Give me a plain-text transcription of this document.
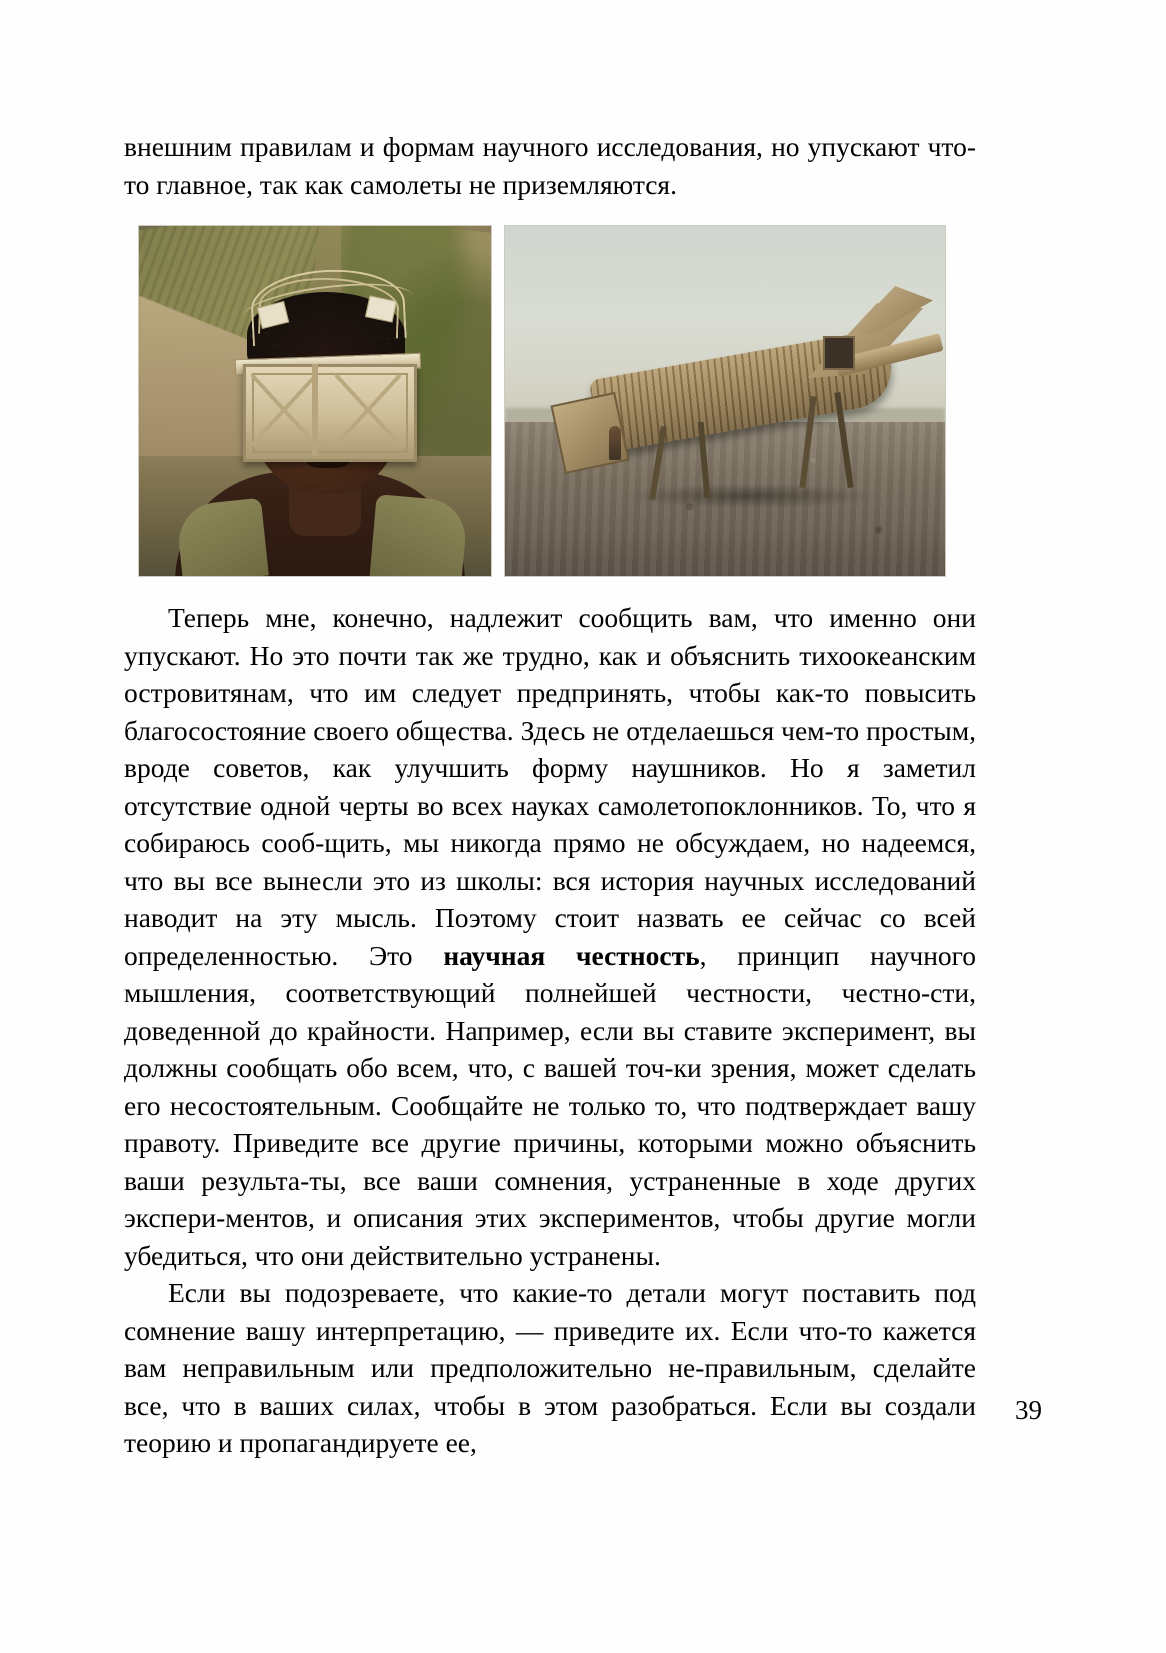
внешним правилам и формам научного исследования, но упускают что-то главное, так как самолеты не приземляются.

Теперь мне, конечно, надлежит сообщить вам, что именно они упускают. Но это почти так же трудно, как и объяснить тихоокеанским островитянам, что им следует предпринять, чтобы как-то повысить благосостояние своего общества. Здесь не отделаешься чем-то простым, вроде советов, как улучшить форму наушников. Но я заметил отсутствие одной черты во всех науках самолетопоклонников. То, что я собираюсь сооб-щить, мы никогда прямо не обсуждаем, но надеемся, что вы все вынесли это из школы: вся история научных исследований наводит на эту мысль. Поэтому стоит назвать ее сейчас со всей определенностью. Это научная честность, принцип научного мышления, соответствующий полнейшей честности, честно-сти, доведенной до крайности. Например, если вы ставите эксперимент, вы должны сообщать обо всем, что, с вашей точ-ки зрения, может сделать его несостоятельным. Сообщайте не только то, что подтверждает вашу правоту. Приведите все другие причины, которыми можно объяснить ваши результа-ты, все ваши сомнения, устраненные в ходе других экспери-ментов, и описания этих экспериментов, чтобы другие могли убедиться, что они действительно устранены.

Если вы подозреваете, что какие-то детали могут поставить под сомнение вашу интерпретацию, — приведите их. Если что-то кажется вам неправильным или предположительно не-правильным, сделайте все, что в ваших силах, чтобы в этом разобраться. Если вы создали теорию и пропагандируете ее,

39
